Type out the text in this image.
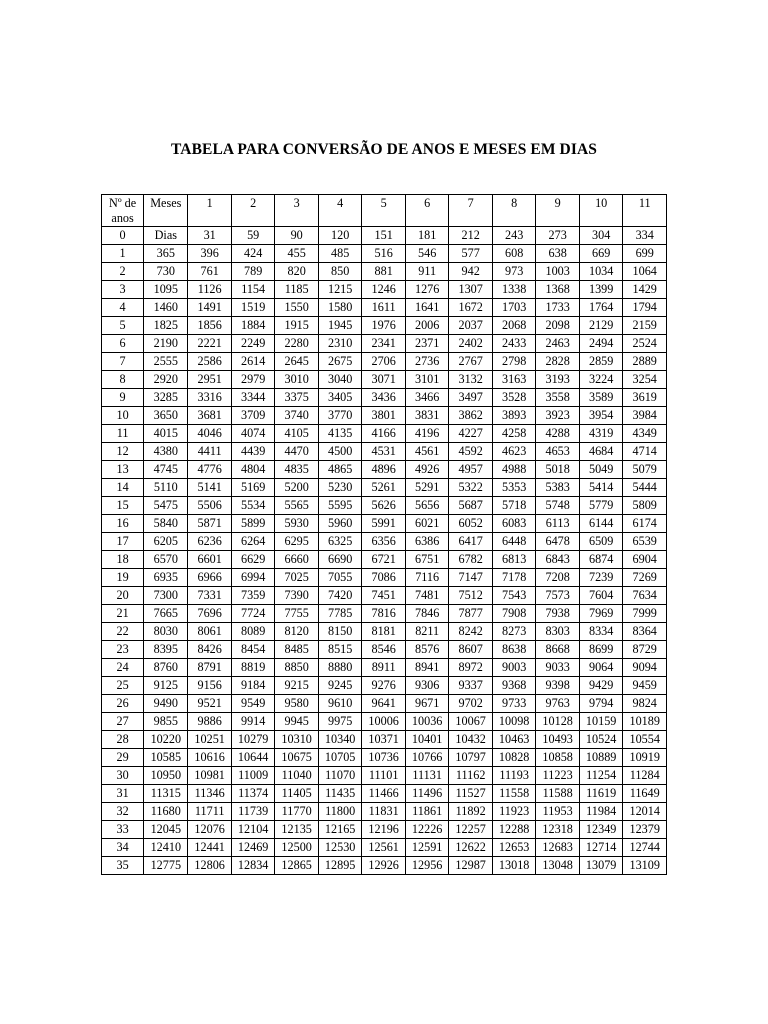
TABELA PARA CONVERSÃO DE ANOS E MESES EM DIAS
Nº de anos	Meses	1	2	3	4	5	6	7	8	9	10	11
0	Dias	31	59	90	120	151	181	212	243	273	304	334
1	365	396	424	455	485	516	546	577	608	638	669	699
2	730	761	789	820	850	881	911	942	973	1003	1034	1064
3	1095	1126	1154	1185	1215	1246	1276	1307	1338	1368	1399	1429
4	1460	1491	1519	1550	1580	1611	1641	1672	1703	1733	1764	1794
5	1825	1856	1884	1915	1945	1976	2006	2037	2068	2098	2129	2159
6	2190	2221	2249	2280	2310	2341	2371	2402	2433	2463	2494	2524
7	2555	2586	2614	2645	2675	2706	2736	2767	2798	2828	2859	2889
8	2920	2951	2979	3010	3040	3071	3101	3132	3163	3193	3224	3254
9	3285	3316	3344	3375	3405	3436	3466	3497	3528	3558	3589	3619
10	3650	3681	3709	3740	3770	3801	3831	3862	3893	3923	3954	3984
11	4015	4046	4074	4105	4135	4166	4196	4227	4258	4288	4319	4349
12	4380	4411	4439	4470	4500	4531	4561	4592	4623	4653	4684	4714
13	4745	4776	4804	4835	4865	4896	4926	4957	4988	5018	5049	5079
14	5110	5141	5169	5200	5230	5261	5291	5322	5353	5383	5414	5444
15	5475	5506	5534	5565	5595	5626	5656	5687	5718	5748	5779	5809
16	5840	5871	5899	5930	5960	5991	6021	6052	6083	6113	6144	6174
17	6205	6236	6264	6295	6325	6356	6386	6417	6448	6478	6509	6539
18	6570	6601	6629	6660	6690	6721	6751	6782	6813	6843	6874	6904
19	6935	6966	6994	7025	7055	7086	7116	7147	7178	7208	7239	7269
20	7300	7331	7359	7390	7420	7451	7481	7512	7543	7573	7604	7634
21	7665	7696	7724	7755	7785	7816	7846	7877	7908	7938	7969	7999
22	8030	8061	8089	8120	8150	8181	8211	8242	8273	8303	8334	8364
23	8395	8426	8454	8485	8515	8546	8576	8607	8638	8668	8699	8729
24	8760	8791	8819	8850	8880	8911	8941	8972	9003	9033	9064	9094
25	9125	9156	9184	9215	9245	9276	9306	9337	9368	9398	9429	9459
26	9490	9521	9549	9580	9610	9641	9671	9702	9733	9763	9794	9824
27	9855	9886	9914	9945	9975	10006	10036	10067	10098	10128	10159	10189
28	10220	10251	10279	10310	10340	10371	10401	10432	10463	10493	10524	10554
29	10585	10616	10644	10675	10705	10736	10766	10797	10828	10858	10889	10919
30	10950	10981	11009	11040	11070	11101	11131	11162	11193	11223	11254	11284
31	11315	11346	11374	11405	11435	11466	11496	11527	11558	11588	11619	11649
32	11680	11711	11739	11770	11800	11831	11861	11892	11923	11953	11984	12014
33	12045	12076	12104	12135	12165	12196	12226	12257	12288	12318	12349	12379
34	12410	12441	12469	12500	12530	12561	12591	12622	12653	12683	12714	12744
35	12775	12806	12834	12865	12895	12926	12956	12987	13018	13048	13079	13109
